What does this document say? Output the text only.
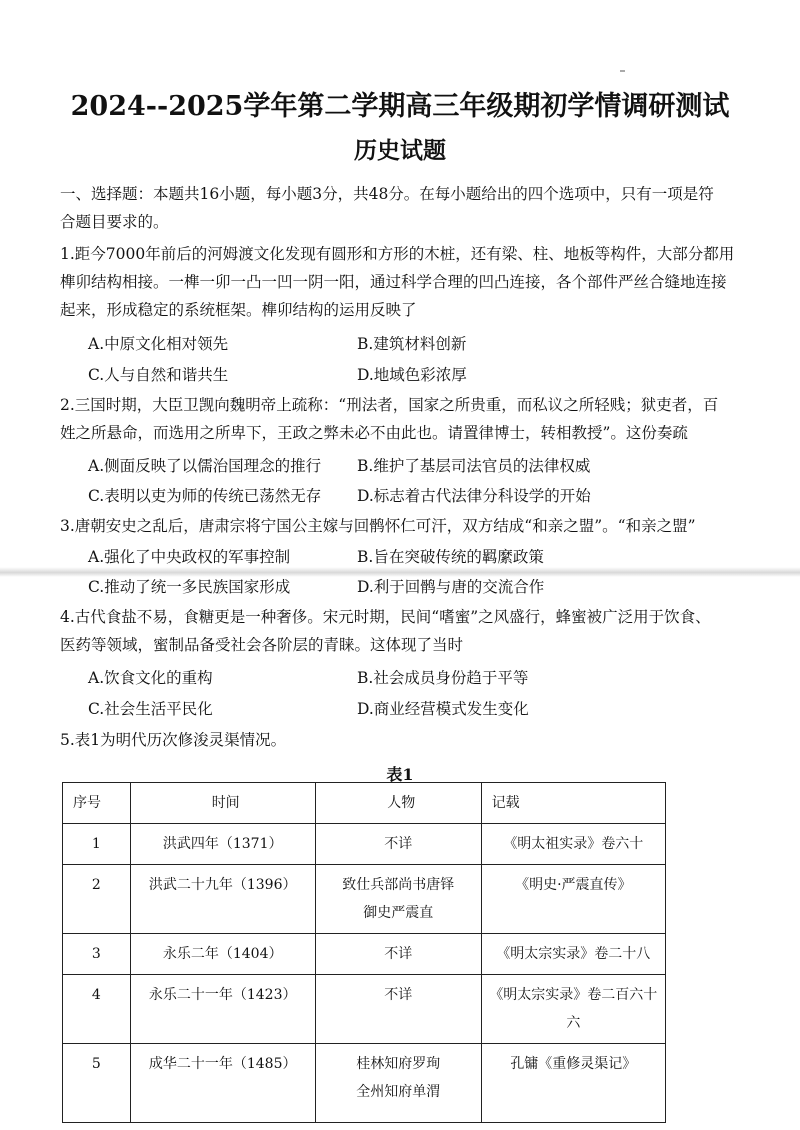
2024--2025学年第二学期高三年级期初学情调研测试
历史试题
一、选择题：本题共16小题，每小题3分，共48分。在每小题给出的四个选项中，只有一项是符
合题目要求的。
1.距今7000年前后的河姆渡文化发现有圆形和方形的木桩，还有梁、柱、地板等构件，大部分都用
榫卯结构相接。一榫一卯一凸一凹一阴一阳，通过科学合理的凹凸连接，各个部件严丝合缝地连接
起来，形成稳定的系统框架。榫卯结构的运用反映了
A.中原文化相对领先	B.建筑材料创新
C.人与自然和谐共生	D.地域色彩浓厚
2.三国时期，大臣卫觊向魏明帝上疏称：“刑法者，国家之所贵重，而私议之所轻贱；狱吏者，百
姓之所悬命，而选用之所卑下，王政之弊未必不由此也。请置律博士，转相教授”。这份奏疏
A.侧面反映了以儒治国理念的推行 B.维护了基层司法官员的法律权威
C.表明以吏为师的传统已荡然无存 D.标志着古代法律分科设学的开始
3.唐朝安史之乱后，唐肃宗将宁国公主嫁与回鹘怀仁可汗，双方结成“和亲之盟”。“和亲之盟”
A.强化了中央政权的军事控制	B.旨在突破传统的羁縻政策
C.推动了统一多民族国家形成	D.利于回鹘与唐的交流合作
4.古代食盐不易，食糖更是一种奢侈。宋元时期，民间“嗜蜜”之风盛行，蜂蜜被广泛用于饮食、
医药等领域，蜜制品备受社会各阶层的青睐。这体现了当时
A.饮食文化的重构	B.社会成员身份趋于平等
C.社会生活平民化	D.商业经营模式发生变化
5.表1为明代历次修浚灵渠情况。
表1
序号	时间	人物	记载
1	洪武四年（1371）	不详	《明太祖实录》卷六十
2	洪武二十九年（1396）	致仕兵部尚书唐铎
御史严震直	《明史·严震直传》
3	永乐二年（1404）	不详	《明太宗实录》卷二十八
4	永乐二十一年（1423）	不详	《明太宗实录》卷二百六十六
5	成华二十一年（1485）	桂林知府罗珣
全州知府单渭	孔镛《重修灵渠记》
